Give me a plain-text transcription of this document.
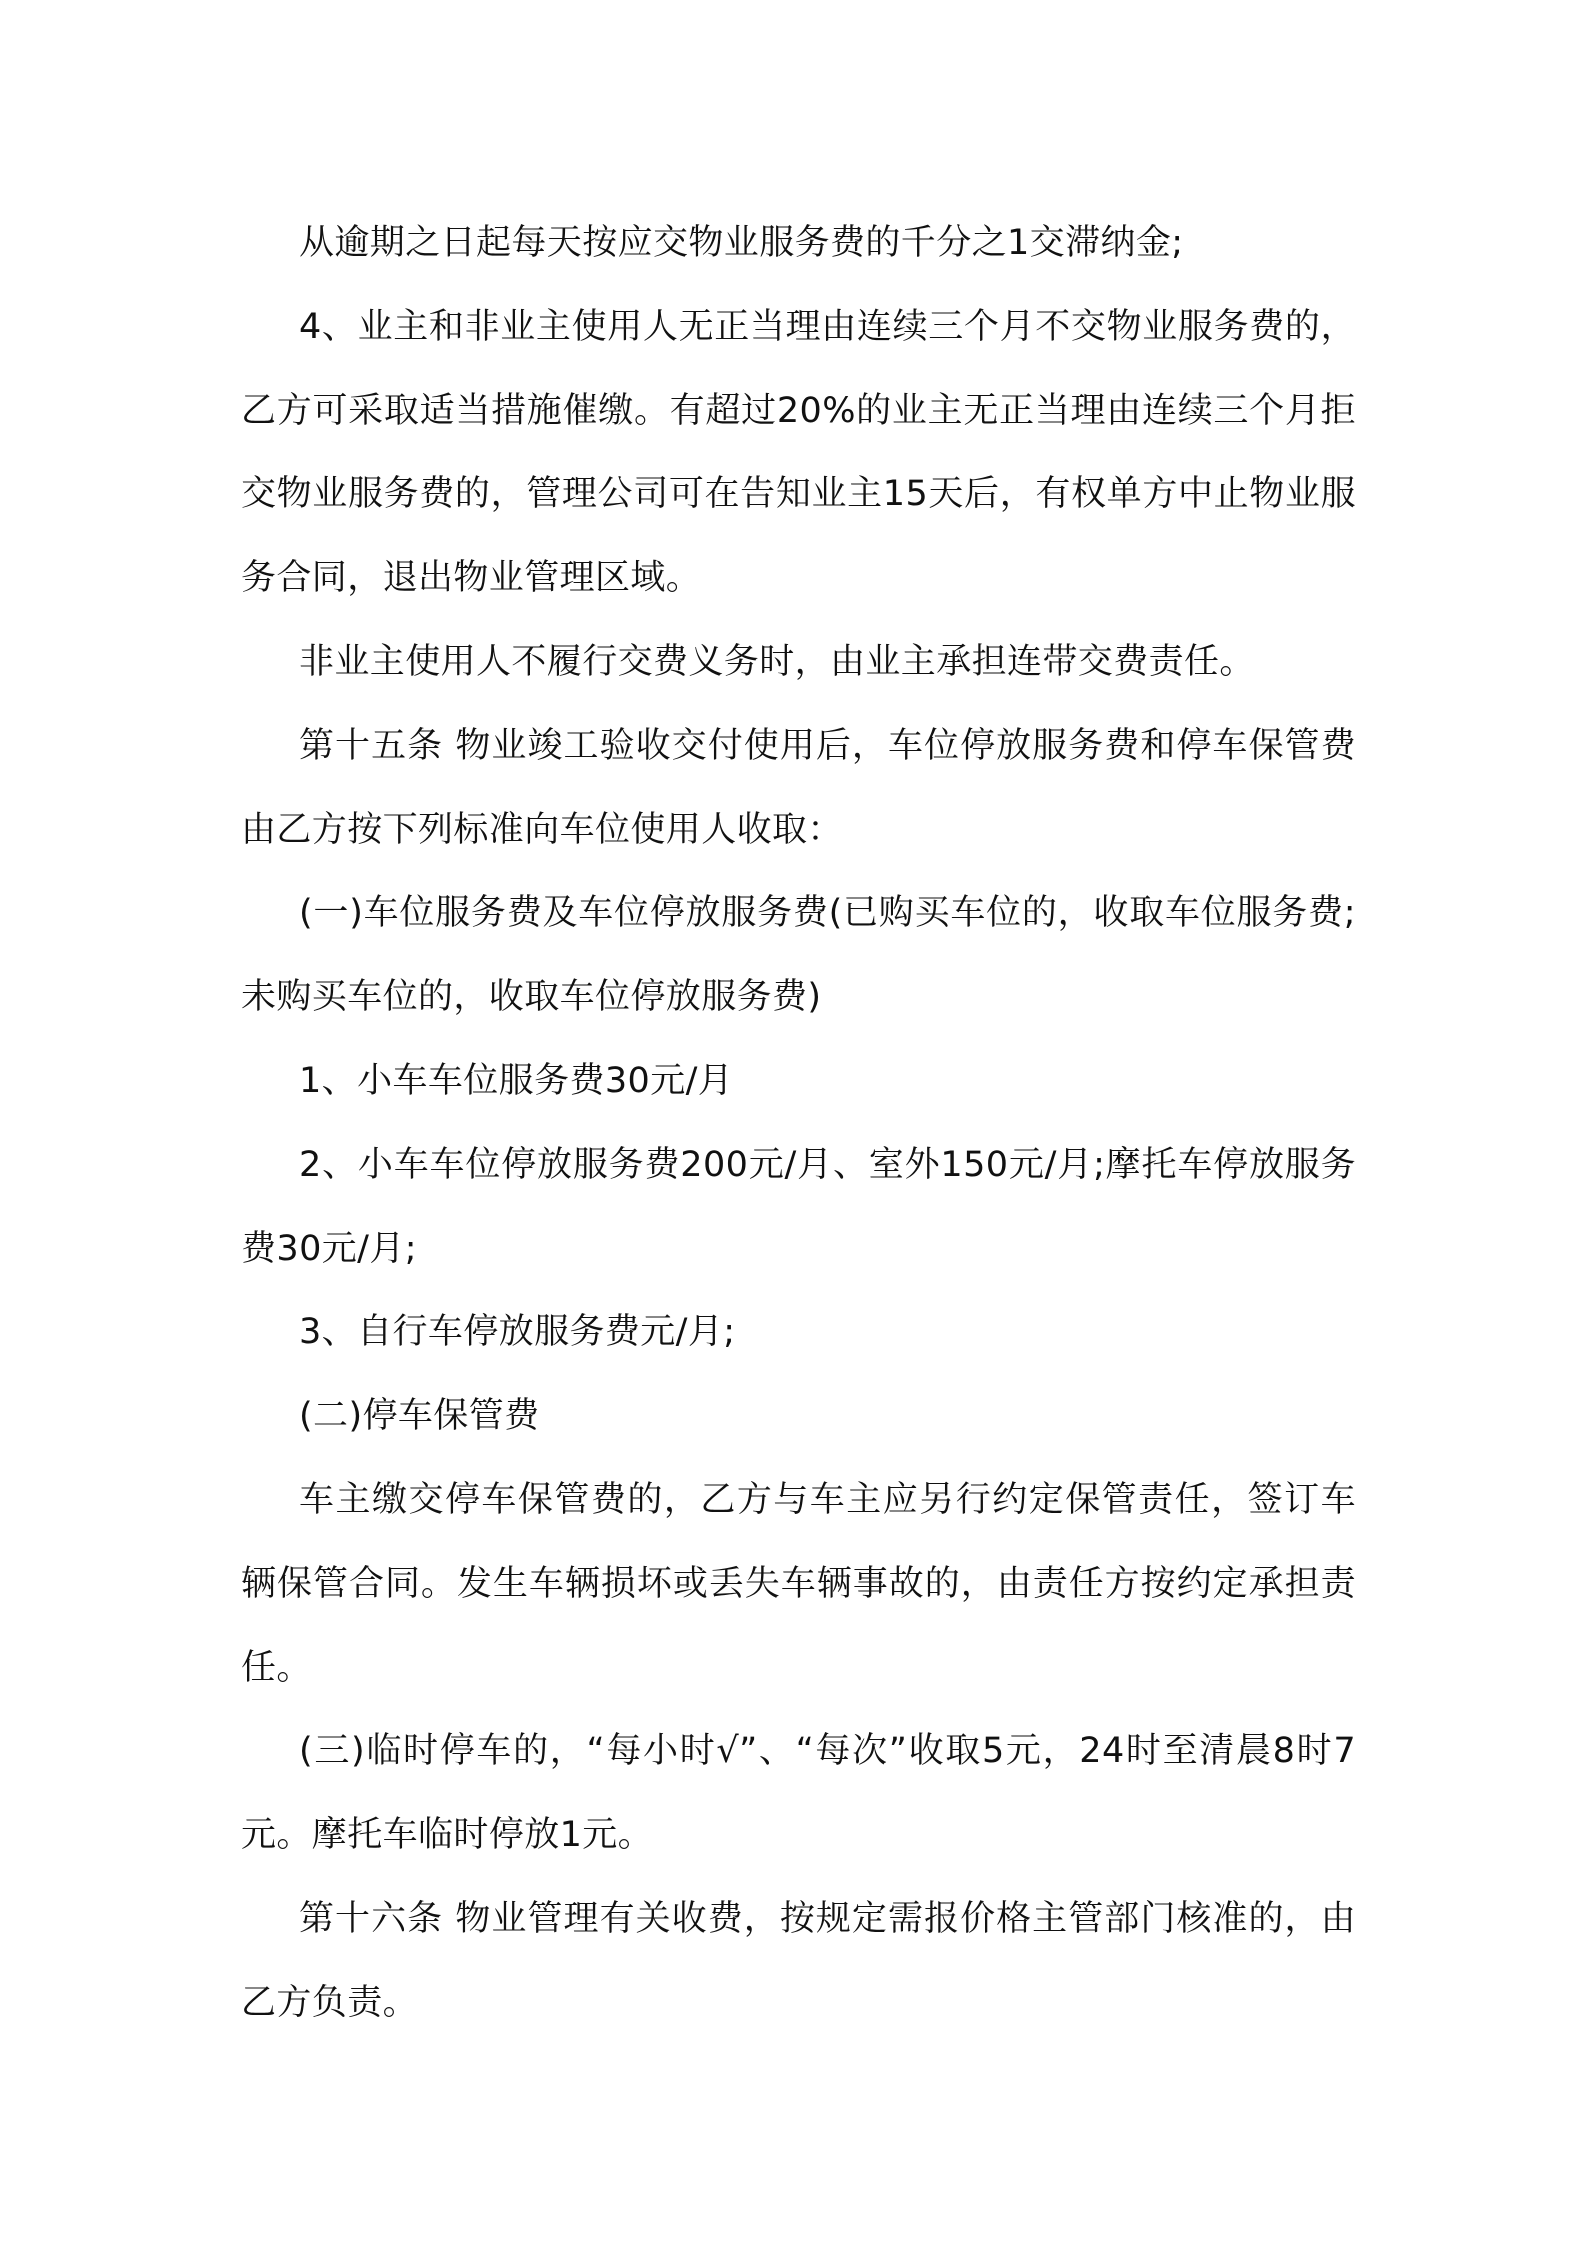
从逾期之日起每天按应交物业服务费的千分之1交滞纳金;

4、业主和非业主使用人无正当理由连续三个月不交物业服务费的，乙方可采取适当措施催缴。有超过20%的业主无正当理由连续三个月拒交物业服务费的，管理公司可在告知业主15天后，有权单方中止物业服务合同，退出物业管理区域。

非业主使用人不履行交费义务时，由业主承担连带交费责任。

第十五条 物业竣工验收交付使用后，车位停放服务费和停车保管费由乙方按下列标准向车位使用人收取：

(一)车位服务费及车位停放服务费(已购买车位的，收取车位服务费;未购买车位的，收取车位停放服务费)

1、小车车位服务费30元/月

2、小车车位停放服务费200元/月、室外150元/月;摩托车停放服务费30元/月;

3、自行车停放服务费元/月;

(二)停车保管费

车主缴交停车保管费的，乙方与车主应另行约定保管责任，签订车辆保管合同。发生车辆损坏或丢失车辆事故的，由责任方按约定承担责任。

(三)临时停车的，“每小时√”、“每次”收取5元，24时至清晨8时7元。摩托车临时停放1元。

第十六条 物业管理有关收费，按规定需报价格主管部门核准的，由乙方负责。
